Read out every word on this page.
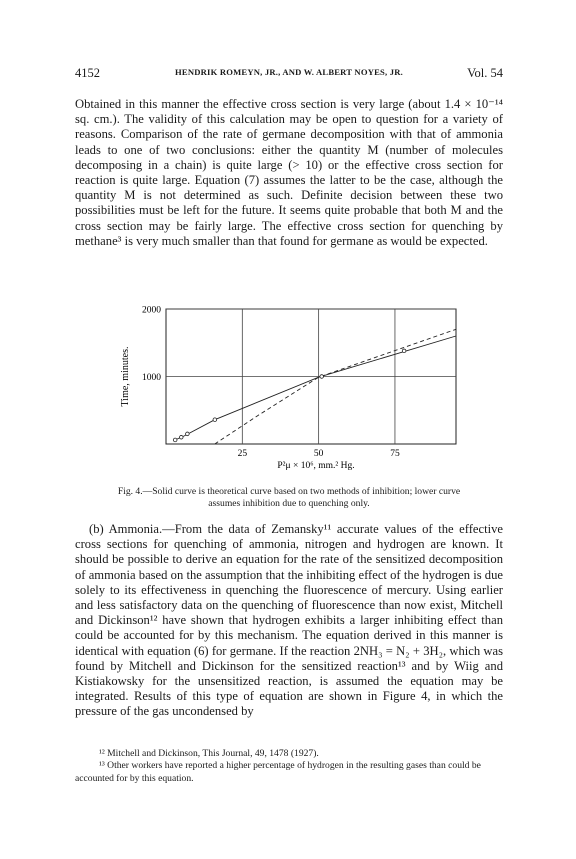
4152	HENDRIK ROMEYN, JR., AND W. ALBERT NOYES, JR.	Vol. 54

Obtained in this manner the effective cross section is very large (about 1.4 × 10⁻¹⁴ sq. cm.). The validity of this calculation may be open to question for a variety of reasons. Comparison of the rate of germane decomposition with that of ammonia leads to one of two conclusions: either the quantity M (number of molecules decomposing in a chain) is quite large (> 10) or the effective cross section for reaction is quite large. Equation (7) assumes the latter to be the case, although the quantity M is not determined as such. Definite decision between these two possibilities must be left for the future. It seems quite probable that both M and the cross section may be fairly large. The effective cross section for quenching by methane³ is very much smaller than that found for germane as would be expected.

25	50	75
1000
2000
Time, minutes.
P²μ × 10⁶, mm.² Hg.
Fig. 4.—Solid curve is theoretical curve based on two methods of inhibition; lower curve assumes inhibition due to quenching only.

(b) Ammonia.—From the data of Zemansky¹¹ accurate values of the effective cross sections for quenching of ammonia, nitrogen and hydrogen are known. It should be possible to derive an equation for the rate of the sensitized decomposition of ammonia based on the assumption that the inhibiting effect of the hydrogen is due solely to its effectiveness in quenching the fluorescence of mercury. Using earlier and less satisfactory data on the quenching of fluorescence than now exist, Mitchell and Dickinson¹² have shown that hydrogen exhibits a larger inhibiting effect than could be accounted for by this mechanism. The equation derived in this manner is identical with equation (6) for germane. If the reaction 2NH₃ = N₂ + 3H₂, which was found by Mitchell and Dickinson for the sensitized reaction¹³ and by Wiig and Kistiakowsky for the unsensitized reaction, is assumed the equation may be integrated. Results of this type of equation are shown in Figure 4, in which the pressure of the gas uncondensed by

¹² Mitchell and Dickinson, This Journal, 49, 1478 (1927).

¹³ Other workers have reported a higher percentage of hydrogen in the resulting gases than could be accounted for by this equation.
